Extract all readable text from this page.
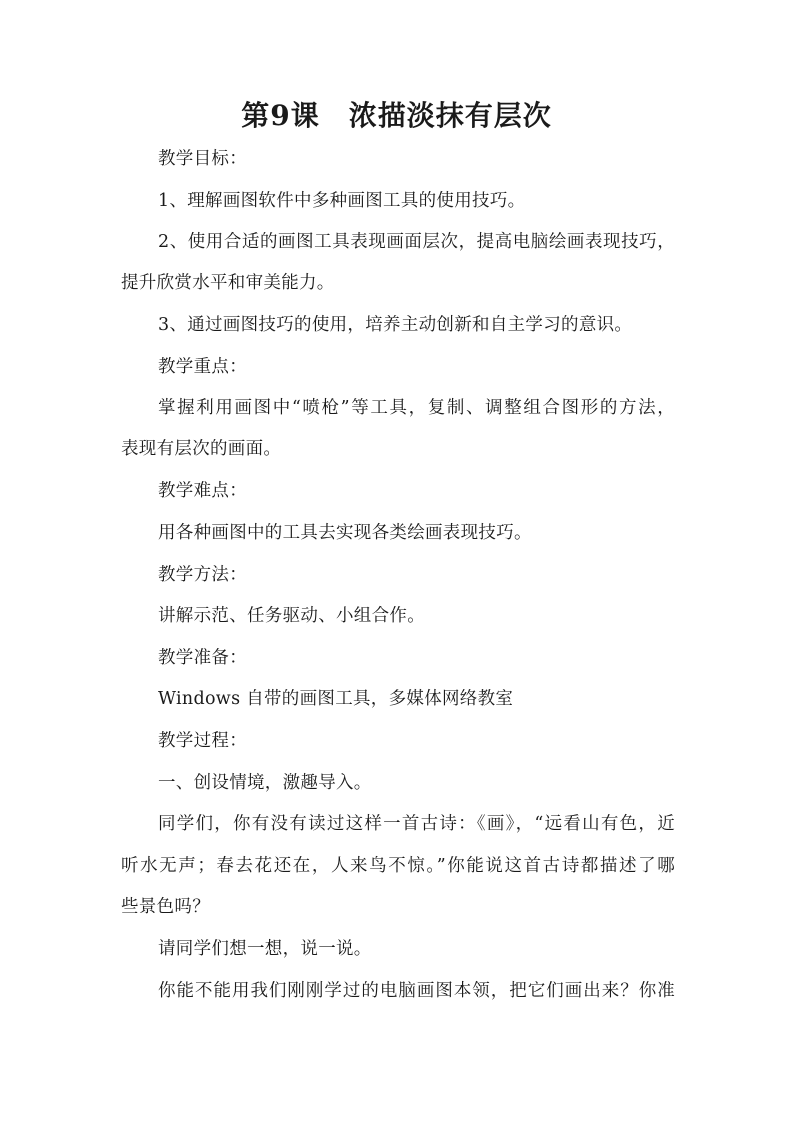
第9课　浓描淡抹有层次
教学目标：
1、理解画图软件中多种画图工具的使用技巧。
2、使用合适的画图工具表现画面层次，提高电脑绘画表现技巧，
提升欣赏水平和审美能力。
3、通过画图技巧的使用，培养主动创新和自主学习的意识。
教学重点：
掌握利用画图中“喷枪”等工具，复制、调整组合图形的方法，
表现有层次的画面。
教学难点：
用各种画图中的工具去实现各类绘画表现技巧。
教学方法：
讲解示范、任务驱动、小组合作。
教学准备：
Windows 自带的画图工具，多媒体网络教室
教学过程：
一、创设情境，激趣导入。
同学们，你有没有读过这样一首古诗：《画》，“远看山有色，近
听水无声；春去花还在，人来鸟不惊。”你能说这首古诗都描述了哪
些景色吗？
请同学们想一想，说一说。
你能不能用我们刚刚学过的电脑画图本领，把它们画出来？你准
